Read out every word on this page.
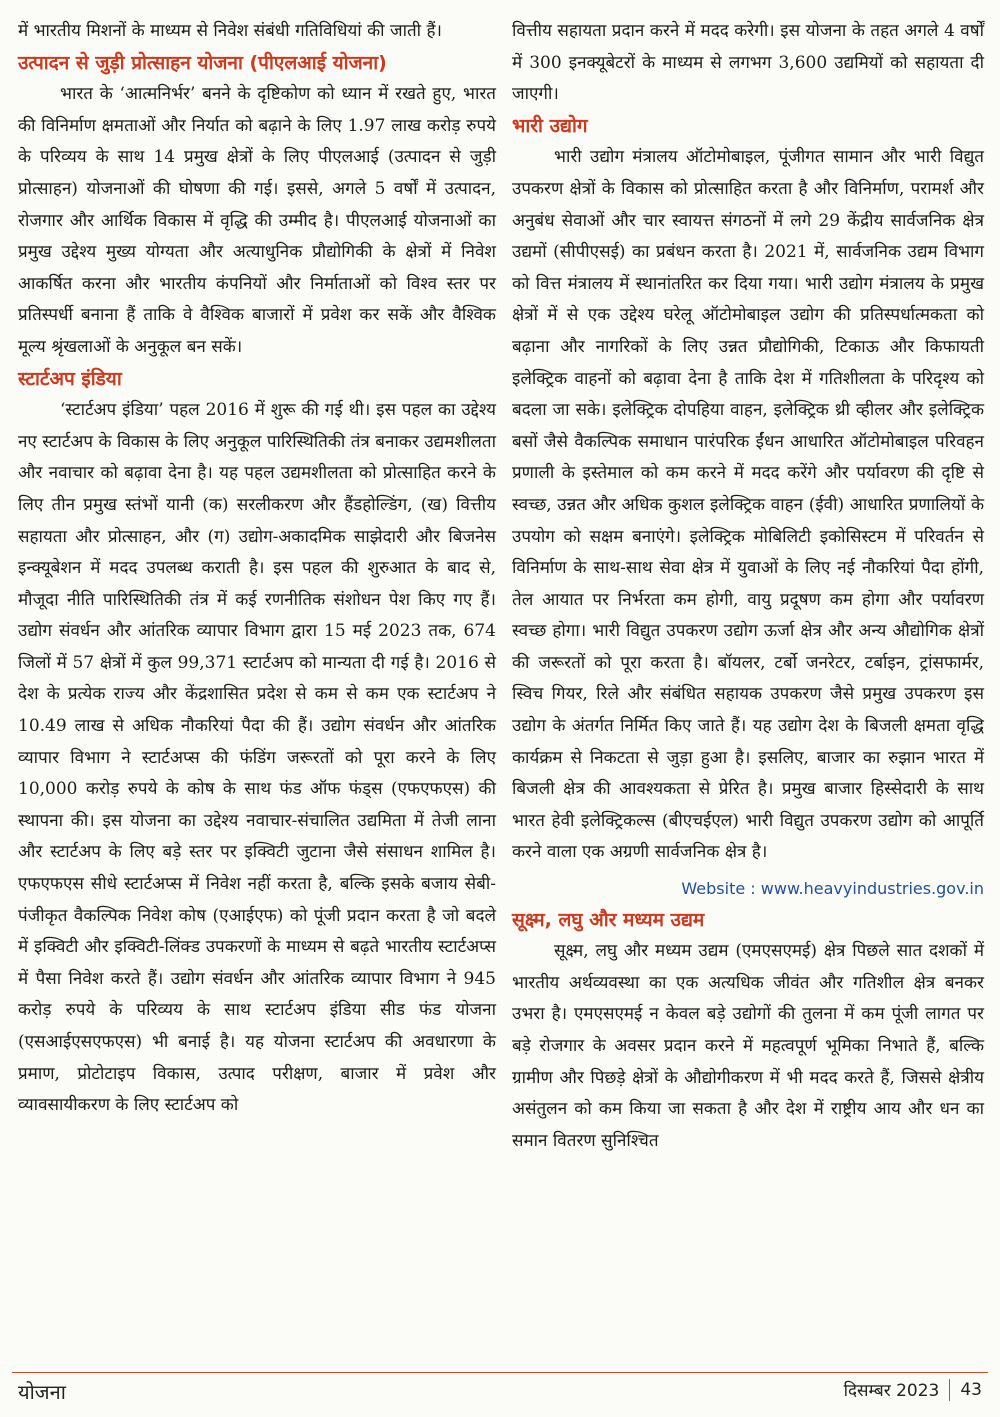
में भारतीय मिशनों के माध्यम से निवेश संबंधी गतिविधियां की जाती हैं।

उत्पादन से जुड़ी प्रोत्साहन योजना (पीएलआई योजना)

भारत के ‘आत्मनिर्भर’ बनने के दृष्टिकोण को ध्यान में रखते हुए, भारत की विनिर्माण क्षमताओं और निर्यात को बढ़ाने के लिए 1.97 लाख करोड़ रुपये के परिव्यय के साथ 14 प्रमुख क्षेत्रों के लिए पीएलआई (उत्पादन से जुड़ी प्रोत्साहन) योजनाओं की घोषणा की गई। इससे, अगले 5 वर्षों में उत्पादन, रोजगार और आर्थिक विकास में वृद्धि की उम्मीद है। पीएलआई योजनाओं का प्रमुख उद्देश्य मुख्य योग्यता और अत्याधुनिक प्रौद्योगिकी के क्षेत्रों में निवेश आकर्षित करना और भारतीय कंपनियों और निर्माताओं को विश्व स्तर पर प्रतिस्पर्धी बनाना हैं ताकि वे वैश्विक बाजारों में प्रवेश कर सकें और वैश्विक मूल्य श्रृंखलाओं के अनुकूल बन सकें।

स्टार्टअप इंडिया

‘स्टार्टअप इंडिया’ पहल 2016 में शुरू की गई थी। इस पहल का उद्देश्य नए स्टार्टअप के विकास के लिए अनुकूल पारिस्थितिकी तंत्र बनाकर उद्यमशीलता और नवाचार को बढ़ावा देना है। यह पहल उद्यमशीलता को प्रोत्साहित करने के लिए तीन प्रमुख स्तंभों यानी (क) सरलीकरण और हैंडहोल्डिंग, (ख) वित्तीय सहायता और प्रोत्साहन, और (ग) उद्योग-अकादमिक साझेदारी और बिजनेस इन्क्यूबेशन में मदद उपलब्ध कराती है। इस पहल की शुरुआत के बाद से, मौजूदा नीति पारिस्थितिकी तंत्र में कई रणनीतिक संशोधन पेश किए गए हैं। उद्योग संवर्धन और आंतरिक व्यापार विभाग द्वारा 15 मई 2023 तक, 674 जिलों में 57 क्षेत्रों में कुल 99,371 स्टार्टअप को मान्यता दी गई है। 2016 से देश के प्रत्येक राज्य और केंद्रशासित प्रदेश से कम से कम एक स्टार्टअप ने 10.49 लाख से अधिक नौकरियां पैदा की हैं। उद्योग संवर्धन और आंतरिक व्यापार विभाग ने स्टार्टअप्स की फंडिंग जरूरतों को पूरा करने के लिए 10,000 करोड़ रुपये के कोष के साथ फंड ऑफ फंड्स (एफएफएस) की स्थापना की। इस योजना का उद्देश्य नवाचार-संचालित उद्यमिता में तेजी लाना और स्टार्टअप के लिए बड़े स्तर पर इक्विटी जुटाना जैसे संसाधन शामिल है। एफएफएस सीधे स्टार्टअप्स में निवेश नहीं करता है, बल्कि इसके बजाय सेबी-पंजीकृत वैकल्पिक निवेश कोष (एआईएफ) को पूंजी प्रदान करता है जो बदले में इक्विटी और इक्विटी-लिंक्ड उपकरणों के माध्यम से बढ़ते भारतीय स्टार्टअप्स में पैसा निवेश करते हैं। उद्योग संवर्धन और आंतरिक व्यापार विभाग ने 945 करोड़ रुपये के परिव्यय के साथ स्टार्टअप इंडिया सीड फंड योजना (एसआईएसएफएस) भी बनाई है। यह योजना स्टार्टअप की अवधारणा के प्रमाण, प्रोटोटाइप विकास, उत्पाद परीक्षण, बाजार में प्रवेश और व्यावसायीकरण के लिए स्टार्टअप को

वित्तीय सहायता प्रदान करने में मदद करेगी। इस योजना के तहत अगले 4 वर्षों में 300 इनक्यूबेटरों के माध्यम से लगभग 3,600 उद्यमियों को सहायता दी जाएगी।

भारी उद्योग

भारी उद्योग मंत्रालय ऑटोमोबाइल, पूंजीगत सामान और भारी विद्युत उपकरण क्षेत्रों के विकास को प्रोत्साहित करता है और विनिर्माण, परामर्श और अनुबंध सेवाओं और चार स्वायत्त संगठनों में लगे 29 केंद्रीय सार्वजनिक क्षेत्र उद्यमों (सीपीएसई) का प्रबंधन करता है। 2021 में, सार्वजनिक उद्यम विभाग को वित्त मंत्रालय में स्थानांतरित कर दिया गया। भारी उद्योग मंत्रालय के प्रमुख क्षेत्रों में से एक उद्देश्य घरेलू ऑटोमोबाइल उद्योग की प्रतिस्पर्धात्मकता को बढ़ाना और नागरिकों के लिए उन्नत प्रौद्योगिकी, टिकाऊ और किफायती इलेक्ट्रिक वाहनों को बढ़ावा देना है ताकि देश में गतिशीलता के परिदृश्य को बदला जा सके। इलेक्ट्रिक दोपहिया वाहन, इलेक्ट्रिक थ्री व्हीलर और इलेक्ट्रिक बसों जैसे वैकल्पिक समाधान पारंपरिक ईंधन आधारित ऑटोमोबाइल परिवहन प्रणाली के इस्तेमाल को कम करने में मदद करेंगे और पर्यावरण की दृष्टि से स्वच्छ, उन्नत और अधिक कुशल इलेक्ट्रिक वाहन (ईवी) आधारित प्रणालियों के उपयोग को सक्षम बनाएंगे। इलेक्ट्रिक मोबिलिटी इकोसिस्टम में परिवर्तन से विनिर्माण के साथ-साथ सेवा क्षेत्र में युवाओं के लिए नई नौकरियां पैदा होंगी, तेल आयात पर निर्भरता कम होगी, वायु प्रदूषण कम होगा और पर्यावरण स्वच्छ होगा। भारी विद्युत उपकरण उद्योग ऊर्जा क्षेत्र और अन्य औद्योगिक क्षेत्रों की जरूरतों को पूरा करता है। बॉयलर, टर्बो जनरेटर, टर्बाइन, ट्रांसफार्मर, स्विच गियर, रिले और संबंधित सहायक उपकरण जैसे प्रमुख उपकरण इस उद्योग के अंतर्गत निर्मित किए जाते हैं। यह उद्योग देश के बिजली क्षमता वृद्धि कार्यक्रम से निकटता से जुड़ा हुआ है। इसलिए, बाजार का रुझान भारत में बिजली क्षेत्र की आवश्यकता से प्रेरित है। प्रमुख बाजार हिस्सेदारी के साथ भारत हेवी इलेक्ट्रिकल्स (बीएचईएल) भारी विद्युत उपकरण उद्योग को आपूर्ति करने वाला एक अग्रणी सार्वजनिक क्षेत्र है।

Website : www.heavyindustries.gov.in
सूक्ष्म, लघु और मध्यम उद्यम

सूक्ष्म, लघु और मध्यम उद्यम (एमएसएमई) क्षेत्र पिछले सात दशकों में भारतीय अर्थव्यवस्था का एक अत्यधिक जीवंत और गतिशील क्षेत्र बनकर उभरा है। एमएसएमई न केवल बड़े उद्योगों की तुलना में कम पूंजी लागत पर बड़े रोजगार के अवसर प्रदान करने में महत्वपूर्ण भूमिका निभाते हैं, बल्कि ग्रामीण और पिछड़े क्षेत्रों के औद्योगीकरण में भी मदद करते हैं, जिससे क्षेत्रीय असंतुलन को कम किया जा सकता है और देश में राष्ट्रीय आय और धन का समान वितरण सुनिश्चित

योजना	दिसम्बर 2023 43
